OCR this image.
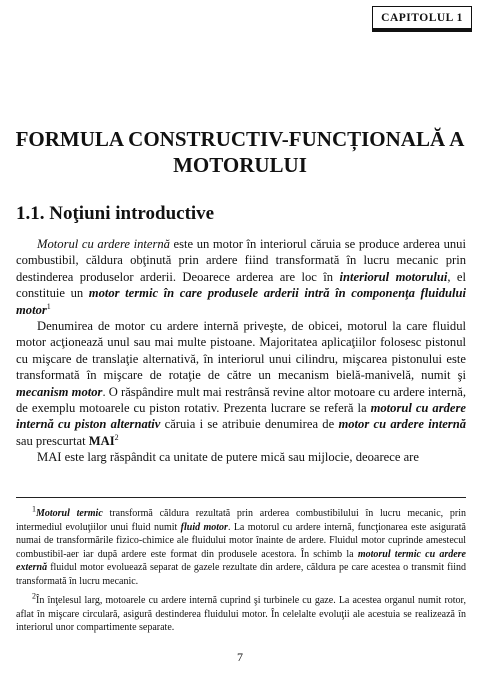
CAPITOLUL 1
FORMULA CONSTRUCTIV-FUNCȚIONALĂ A
MOTORULUI
1.1. Noţiuni introductive

Motorul cu ardere internă este un motor în interiorul căruia se produce arderea unui combustibil, căldura obţinută prin ardere fiind transformată în lucru mecanic prin destinderea produselor arderii. Deoarece arderea are loc în interiorul motorului, el constituie un motor termic în care produsele arderii intră în componenţa fluidului motor$^1$

Denumirea de motor cu ardere internă priveşte, de obicei, motorul la care fluidul motor acţionează unul sau mai multe pistoane. Majoritatea aplicaţiilor folosesc pistonul cu mişcare de translaţie alternativă, în interiorul unui cilindru, mişcarea pistonului este transformată în mişcare de rotaţie de către un mecanism bielă-manivelă, numit şi mecanism motor. O răspândire mult mai restrânsă revine altor motoare cu ardere internă, de exemplu motoarele cu piston rotativ. Prezenta lucrare se referă la motorul cu ardere internă cu piston alternativ căruia i se atribuie denumirea de motor cu ardere internă sau prescurtat MAI$^2$

MAI este larg răspândit ca unitate de putere mică sau mijlocie, deoarece are

$^1$Motorul termic transformă căldura rezultată prin arderea combustibilului în lucru mecanic, prin intermediul evoluţiilor unui fluid numit fluid motor. La motorul cu ardere internă, funcţionarea este asigurată numai de transformările fizico-chimice ale fluidului motor înainte de ardere. Fluidul motor cuprinde amestecul combustibil-aer iar după ardere este format din produsele acestora. În schimb la motorul termic cu ardere externă fluidul motor evoluează separat de gazele rezultate din ardere, căldura pe care acestea o transmit fiind transformată în lucru mecanic.

$^2$În înţelesul larg, motoarele cu ardere internă cuprind şi turbinele cu gaze. La acestea organul numit rotor, aflat în mişcare circulară, asigură destinderea fluidului motor. În celelalte evoluţii ale acestuia se realizează în interiorul unor compartimente separate.

7
